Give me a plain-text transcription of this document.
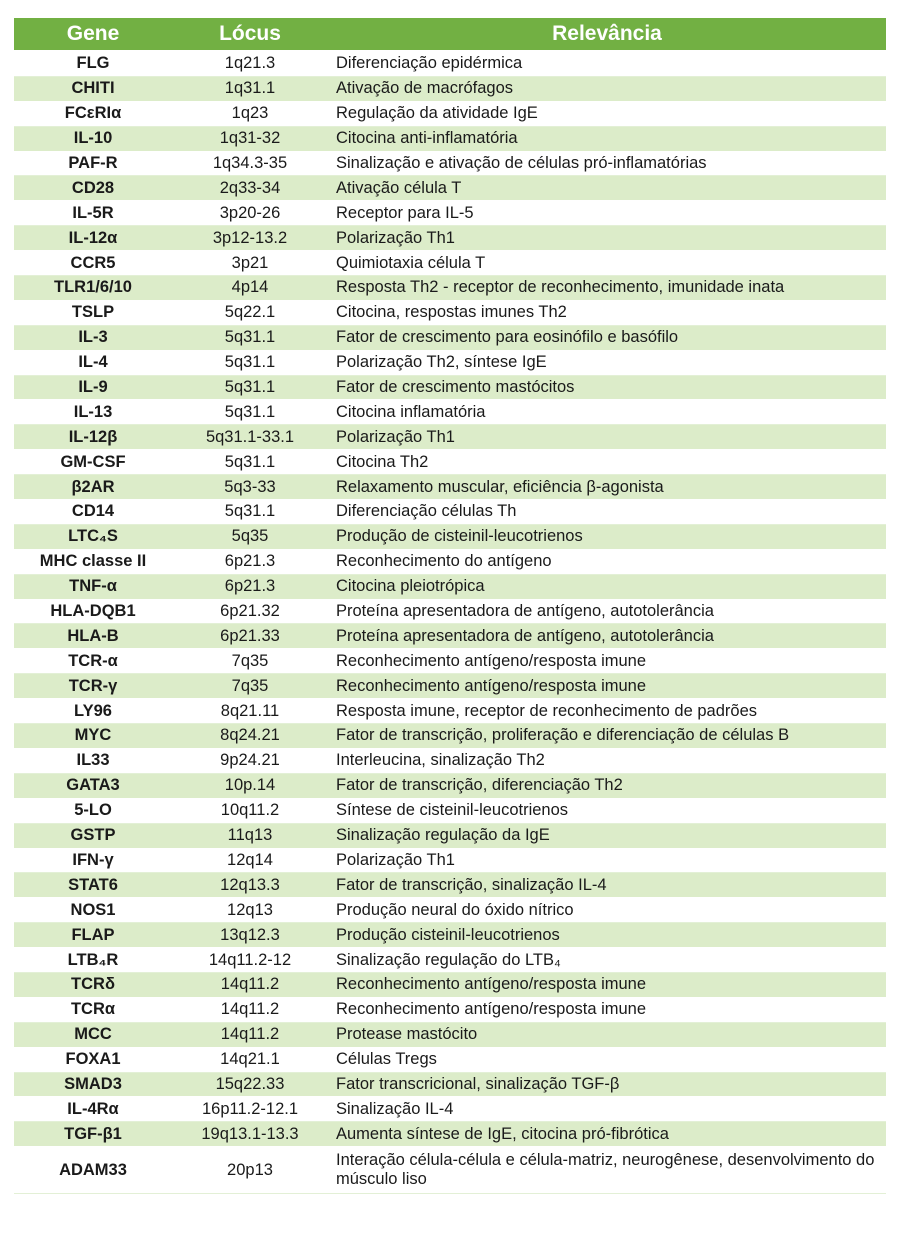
Gene	Lócus	Relevância
FLG	1q21.3	Diferenciação epidérmica
CHITI	1q31.1	Ativação de macrófagos
FCεRIα	1q23	Regulação da atividade IgE
IL-10	1q31-32	Citocina anti-inflamatória
PAF-R	1q34.3-35	Sinalização e ativação de células pró-inflamatórias
CD28	2q33-34	Ativação célula T
IL-5R	3p20-26	Receptor para IL-5
IL-12α	3p12-13.2	Polarização Th1
CCR5	3p21	Quimiotaxia célula T
TLR1/6/10	4p14	Resposta Th2 - receptor de reconhecimento, imunidade inata
TSLP	5q22.1	Citocina, respostas imunes Th2
IL-3	5q31.1	Fator de crescimento para eosinófilo e basófilo
IL-4	5q31.1	Polarização Th2, síntese IgE
IL-9	5q31.1	Fator de crescimento mastócitos
IL-13	5q31.1	Citocina inflamatória
IL-12β	5q31.1-33.1	Polarização Th1
GM-CSF	5q31.1	Citocina Th2
β2AR	5q3-33	Relaxamento muscular, eficiência β-agonista
CD14	5q31.1	Diferenciação células Th
LTC₄S	5q35	Produção de cisteinil-leucotrienos
MHC classe II	6p21.3	Reconhecimento do antígeno
TNF-α	6p21.3	Citocina pleiotrópica
HLA-DQB1	6p21.32	Proteína apresentadora de antígeno, autotolerância
HLA-B	6p21.33	Proteína apresentadora de antígeno, autotolerância
TCR-α	7q35	Reconhecimento antígeno/resposta imune
TCR-γ	7q35	Reconhecimento antígeno/resposta imune
LY96	8q21.11	Resposta imune, receptor de reconhecimento de padrões
MYC	8q24.21	Fator de transcrição, proliferação e diferenciação de células B
IL33	9p24.21	Interleucina, sinalização Th2
GATA3	10p.14	Fator de transcrição, diferenciação Th2
5-LO	10q11.2	Síntese de cisteinil-leucotrienos
GSTP	11q13	Sinalização regulação da IgE
IFN-γ	12q14	Polarização Th1
STAT6	12q13.3	Fator de transcrição, sinalização IL-4
NOS1	12q13	Produção neural do óxido nítrico
FLAP	13q12.3	Produção cisteinil-leucotrienos
LTB₄R	14q11.2-12	Sinalização regulação do LTB₄
TCRδ	14q11.2	Reconhecimento antígeno/resposta imune
TCRα	14q11.2	Reconhecimento antígeno/resposta imune
MCC	14q11.2	Protease mastócito
FOXA1	14q21.1	Células Tregs
SMAD3	15q22.33	Fator transcricional, sinalização TGF-β
IL-4Rα	16p11.2-12.1	Sinalização IL-4
TGF-β1	19q13.1-13.3	Aumenta síntese de IgE, citocina pró-fibrótica
ADAM33	20p13	Interação célula-célula e célula-matriz, neurogênese, desenvolvimento do músculo liso
